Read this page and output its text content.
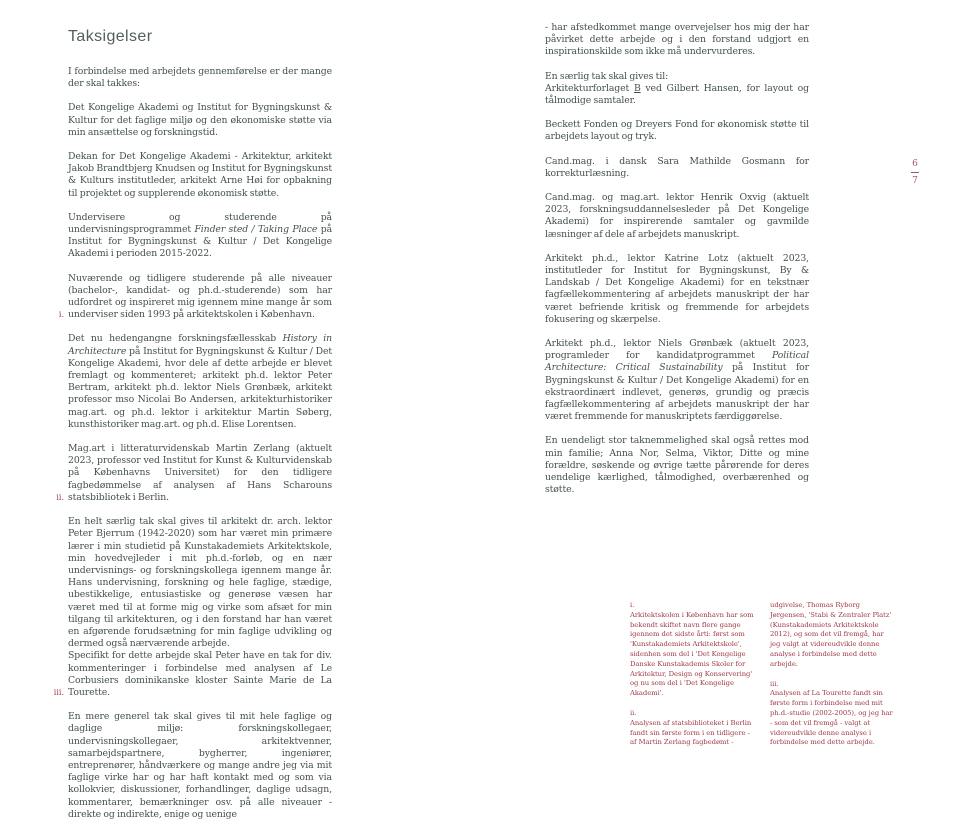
Taksigelser

I forbindelse med arbejdets gennemførelse er der mange der skal takkes:

Det Kongelige Akademi og Institut for Bygningskunst & Kultur for det faglige miljø og den økonomiske støtte via min ansættelse og forskningstid.

Dekan for Det Kongelige Akademi - Arkitektur, arkitekt Jakob Brandtbjerg Knudsen og Institut for Bygningskunst & Kulturs institutleder, arkitekt Arne Høi for opbakning til projektet og supplerende økonomisk støtte.

Undervisere og studerende på undervisningsprogrammet Finder sted / Taking Place på Institut for Bygningskunst & Kultur / Det Kongelige Akademi i perioden 2015-2022.

Nuværende og tidligere studerende på alle niveauer (bachelor-, kandidat- og ph.d.-studerende) som har udfordret og inspireret mig igennem mine mange år som underviser siden 1993 på arkitektskolen i København.
i.

Det nu hedengangne forskningsfællesskab History in Architecture på Institut for Bygningskunst & Kultur / Det Kongelige Akademi, hvor dele af dette arbejde er blevet fremlagt og kommenteret; arkitekt ph.d. lektor Peter Bertram, arkitekt ph.d. lektor Niels Grønbæk, arkitekt professor mso Nicolai Bo Andersen, arkitekturhistoriker mag.art. og ph.d. lektor i arkitektur Martin Søberg, kunsthistoriker mag.art. og ph.d. Elise Lorentsen.

Mag.art i litteraturvidenskab Martin Zerlang (aktuelt 2023, professor ved Institut for Kunst & Kulturvidenskab på Københavns Universitet) for den tidligere fagbedømmelse af analysen af Hans Scharouns statsbibliotek i Berlin.
ii.

En helt særlig tak skal gives til arkitekt dr. arch. lektor Peter Bjerrum (1942-2020) som har været min primære lærer i min studietid på Kunstakademiets Arkitektskole, min hovedvejleder i mit ph.d.-forløb, og en nær undervisnings- og forskningskollega igennem mange år. Hans undervisning, forskning og hele faglige, stædige, ubestikkelige, entusiastiske og generøse væsen har været med til at forme mig og virke som afsæt for min tilgang til arkitekturen, og i den forstand har han været en afgørende forudsætning for min faglige udvikling og dermed også nærværende arbejde.

Specifikt for dette arbejde skal Peter have en tak for div. kommenteringer i forbindelse med analysen af Le Corbusiers dominikanske kloster Sainte Marie de La Tourette.
iii.

En mere generel tak skal gives til mit hele faglige og daglige miljø: forskningskollegaer, undervisningskollegaer, arkitektvenner, samarbejdspartnere, bygherrer, ingeniører, entreprenører, håndværkere og mange andre jeg via mit faglige virke har og har haft kontakt med og som via kollokvier, diskussioner, forhandlinger, daglige udsagn, kommentarer, bemærkninger osv. på alle niveauer - direkte og indirekte, enige og uenige

- har afstedkommet mange overvejelser hos mig der har påvirket dette arbejde og i den forstand udgjort en inspirationskilde som ikke må undervurderes.

En særlig tak skal gives til:

Arkitekturforlaget B ved Gilbert Hansen, for layout og tålmodige samtaler.

Beckett Fonden og Dreyers Fond for økonomisk støtte til arbejdets layout og tryk.

Cand.mag. i dansk Sara Mathilde Gosmann for korrekturlæsning.

Cand.mag. og mag.art. lektor Henrik Oxvig (aktuelt 2023, forskningsuddannelsesleder på Det Kongelige Akademi) for inspirerende samtaler og gavmilde læsninger af dele af arbejdets manuskript.

Arkitekt ph.d., lektor Katrine Lotz (aktuelt 2023, institutleder for Institut for Bygningskunst, By & Landskab / Det Kongelige Akademi) for en tekstnær fagfællekommentering af arbejdets manuskript der har været befriende kritisk og fremmende for arbejdets fokusering og skærpelse.

Arkitekt ph.d., lektor Niels Grønbæk (aktuelt 2023, programleder for kandidatprogrammet Political Architecture: Critical Sustainability på Institut for Bygningskunst & Kultur / Det Kongelige Akademi) for en ekstraordinært indlevet, generøs, grundig og præcis fagfællekommentering af arbejdets manuskript der har været fremmende for manuskriptets færdiggørelse.

En uendeligt stor taknemmelighed skal også rettes mod min familie; Anna Nor, Selma, Viktor, Ditte og mine forældre, søskende og øvrige tætte pårørende for deres uendelige kærlighed, tålmodighed, overbærenhed og støtte.

6
7
i.
Arkitektskolen i København har som bekendt skiftet navn flere gange igennem det sidste årti: først som 'Kunstakademiets Arkitektskole', sidenhen som del i 'Det Kongelige Danske Kunstakademis Skoler for Arkitektur, Design og Konservering' og nu som del i 'Det Kongelige Akademi'.
ii.
Analysen af statsbiblioteket i Berlin fandt sin første form i en tidligere - af Martin Zerlang fagbedømt -
udgivelse, Thomas Ryborg Jørgensen, 'Stabi & Zentraler Platz' (Kunstakademiets Arkitektskole 2012), og som det vil fremgå, har jeg valgt at videreudvikle denne analyse i forbindelse med dette arbejde.
iii.
Analysen af La Tourette fandt sin første form i forbindelse med mit ph.d.-studie (2002-2005), og jeg har - som det vil fremgå - valgt at videreudvikle denne analyse i forbindelse med dette arbejde.
